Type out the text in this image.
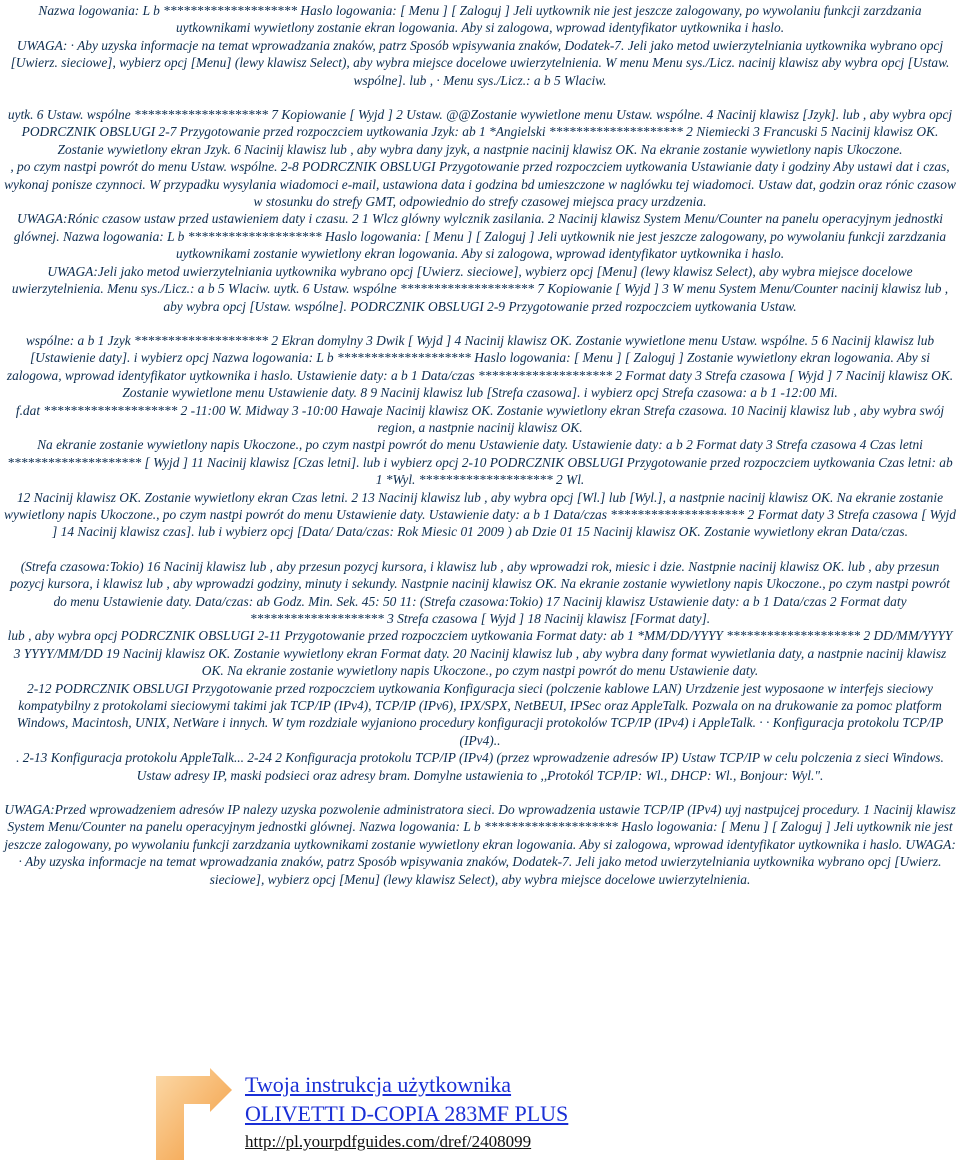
Nazwa logowania: L b ******************** Haslo logowania: [ Menu ] [ Zaloguj ] Jeli uytkownik nie jest jeszcze zalogowany, po wywolaniu funkcji zarzdzania uytkownikami wywietlony zostanie ekran logowania. Aby si zalogowa, wprowad identyfikator uytkownika i haslo.

UWAGA: · Aby uzyska informacje na temat wprowadzania znaków, patrz Sposób wpisywania znaków, Dodatek-7. Jeli jako metod uwierzytelniania uytkownika wybrano opcj [Uwierz. sieciowe], wybierz opcj [Menu] (lewy klawisz Select), aby wybra miejsce docelowe uwierzytelnienia. W menu Menu sys./Licz. nacinij klawisz aby wybra opcj [Ustaw. wspólne]. lub , · Menu sys./Licz.: a b 5 Wlaciw.

uytk. 6 Ustaw. wspólne ******************** 7 Kopiowanie [ Wyjd ] 2 Ustaw. @@Zostanie wywietlone menu Ustaw. wspólne. 4 Nacinij klawisz [Jzyk]. lub , aby wybra opcj PODRCZNIK OBSLUGI 2-7 Przygotowanie przed rozpoczciem uytkowania Jzyk: ab 1 *Angielski ******************** 2 Niemiecki 3 Francuski 5 Nacinij klawisz OK. Zostanie wywietlony ekran Jzyk. 6 Nacinij klawisz lub , aby wybra dany jzyk, a nastpnie nacinij klawisz OK. Na ekranie zostanie wywietlony napis Ukoczone.

, po czym nastpi powrót do menu Ustaw. wspólne. 2-8 PODRCZNIK OBSLUGI Przygotowanie przed rozpoczciem uytkowania Ustawianie daty i godziny Aby ustawi dat i czas, wykonaj ponisze czynnoci. W przypadku wysylania wiadomoci e-mail, ustawiona data i godzina bd umieszczone w naglówku tej wiadomoci. Ustaw dat, godzin oraz rónic czasow w stosunku do strefy GMT, odpowiednio do strefy czasowej miejsca pracy urzdzenia.

UWAGA:Rónic czasow ustaw przed ustawieniem daty i czasu. 2 1 Wlcz glówny wylcznik zasilania. 2 Nacinij klawisz System Menu/Counter na panelu operacyjnym jednostki glównej. Nazwa logowania: L b ******************** Haslo logowania: [ Menu ] [ Zaloguj ] Jeli uytkownik nie jest jeszcze zalogowany, po wywolaniu funkcji zarzdzania uytkownikami zostanie wywietlony ekran logowania. Aby si zalogowa, wprowad identyfikator uytkownika i haslo.

UWAGA:Jeli jako metod uwierzytelniania uytkownika wybrano opcj [Uwierz. sieciowe], wybierz opcj [Menu] (lewy klawisz Select), aby wybra miejsce docelowe uwierzytelnienia. Menu sys./Licz.: a b 5 Wlaciw. uytk. 6 Ustaw. wspólne ******************** 7 Kopiowanie [ Wyjd ] 3 W menu System Menu/Counter nacinij klawisz lub , aby wybra opcj [Ustaw. wspólne]. PODRCZNIK OBSLUGI 2-9 Przygotowanie przed rozpoczciem uytkowania Ustaw.

wspólne: a b 1 Jzyk ******************** 2 Ekran domylny 3 Dwik [ Wyjd ] 4 Nacinij klawisz OK. Zostanie wywietlone menu Ustaw. wspólne. 5 6 Nacinij klawisz lub [Ustawienie daty]. i wybierz opcj Nazwa logowania: L b ******************** Haslo logowania: [ Menu ] [ Zaloguj ] Zostanie wywietlony ekran logowania. Aby si zalogowa, wprowad identyfikator uytkownika i haslo. Ustawienie daty: a b 1 Data/czas ******************** 2 Format daty 3 Strefa czasowa [ Wyjd ] 7 Nacinij klawisz OK. Zostanie wywietlone menu Ustawienie daty. 8 9 Nacinij klawisz lub [Strefa czasowa]. i wybierz opcj Strefa czasowa: a b 1 -12:00 Mi.

f.dat ******************** 2 -11:00 W. Midway 3 -10:00 Hawaje Nacinij klawisz OK. Zostanie wywietlony ekran Strefa czasowa. 10 Nacinij klawisz lub , aby wybra swój region, a nastpnie nacinij klawisz OK.

Na ekranie zostanie wywietlony napis Ukoczone., po czym nastpi powrót do menu Ustawienie daty. Ustawienie daty: a b 2 Format daty 3 Strefa czasowa 4 Czas letni ******************** [ Wyjd ] 11 Nacinij klawisz [Czas letni]. lub i wybierz opcj 2-10 PODRCZNIK OBSLUGI Przygotowanie przed rozpoczciem uytkowania Czas letni: ab 1 *Wyl. ******************** 2 Wl.

12 Nacinij klawisz OK. Zostanie wywietlony ekran Czas letni. 2 13 Nacinij klawisz lub , aby wybra opcj [Wl.] lub [Wyl.], a nastpnie nacinij klawisz OK. Na ekranie zostanie wywietlony napis Ukoczone., po czym nastpi powrót do menu Ustawienie daty. Ustawienie daty: a b 1 Data/czas ******************** 2 Format daty 3 Strefa czasowa [ Wyjd ] 14 Nacinij klawisz czas]. lub i wybierz opcj [Data/ Data/czas: Rok Miesic 01 2009 ) ab Dzie 01 15 Nacinij klawisz OK. Zostanie wywietlony ekran Data/czas.

(Strefa czasowa:Tokio) 16 Nacinij klawisz lub , aby przesun pozycj kursora, i klawisz lub , aby wprowadzi rok, miesic i dzie. Nastpnie nacinij klawisz OK. lub , aby przesun pozycj kursora, i klawisz lub , aby wprowadzi godziny, minuty i sekundy. Nastpnie nacinij klawisz OK. Na ekranie zostanie wywietlony napis Ukoczone., po czym nastpi powrót do menu Ustawienie daty. Data/czas: ab Godz. Min. Sek. 45: 50 11: (Strefa czasowa:Tokio) 17 Nacinij klawisz Ustawienie daty: a b 1 Data/czas 2 Format daty ******************** 3 Strefa czasowa [ Wyjd ] 18 Nacinij klawisz [Format daty].

lub , aby wybra opcj PODRCZNIK OBSLUGI 2-11 Przygotowanie przed rozpoczciem uytkowania Format daty: ab 1 *MM/DD/YYYY ******************** 2 DD/MM/YYYY 3 YYYY/MM/DD 19 Nacinij klawisz OK. Zostanie wywietlony ekran Format daty. 20 Nacinij klawisz lub , aby wybra dany format wywietlania daty, a nastpnie nacinij klawisz OK. Na ekranie zostanie wywietlony napis Ukoczone., po czym nastpi powrót do menu Ustawienie daty.

2-12 PODRCZNIK OBSLUGI Przygotowanie przed rozpoczciem uytkowania Konfiguracja sieci (polczenie kablowe LAN) Urzdzenie jest wyposaone w interfejs sieciowy kompatybilny z protokolami sieciowymi takimi jak TCP/IP (IPv4), TCP/IP (IPv6), IPX/SPX, NetBEUI, IPSec oraz AppleTalk. Pozwala on na drukowanie za pomoc platform Windows, Macintosh, UNIX, NetWare i innych. W tym rozdziale wyjaniono procedury konfiguracji protokolów TCP/IP (IPv4) i AppleTalk. · · Konfiguracja protokolu TCP/IP (IPv4)..

. 2-13 Konfiguracja protokolu AppleTalk... 2-24 2 Konfiguracja protokolu TCP/IP (IPv4) (przez wprowadzenie adresów IP) Ustaw TCP/IP w celu polczenia z sieci Windows. Ustaw adresy IP, maski podsieci oraz adresy bram. Domylne ustawienia to ,,Protokól TCP/IP: Wl., DHCP: Wl., Bonjour: Wyl.".

UWAGA:Przed wprowadzeniem adresów IP nalezy uzyska pozwolenie administratora sieci. Do wprowadzenia ustawie TCP/IP (IPv4) uyj nastpujcej procedury. 1 Nacinij klawisz System Menu/Counter na panelu operacyjnym jednostki glównej. Nazwa logowania: L b ******************** Haslo logowania: [ Menu ] [ Zaloguj ] Jeli uytkownik nie jest jeszcze zalogowany, po wywolaniu funkcji zarzdzania uytkownikami zostanie wywietlony ekran logowania. Aby si zalogowa, wprowad identyfikator uytkownika i haslo. UWAGA: · Aby uzyska informacje na temat wprowadzania znaków, patrz Sposób wpisywania znaków, Dodatek-7. Jeli jako metod uwierzytelniania uytkownika wybrano opcj [Uwierz. sieciowe], wybierz opcj [Menu] (lewy klawisz Select), aby wybra miejsce docelowe uwierzytelnienia.

Twoja instrukcja użytkownika
OLIVETTI D-COPIA 283MF PLUS
http://pl.yourpdfguides.com/dref/2408099
